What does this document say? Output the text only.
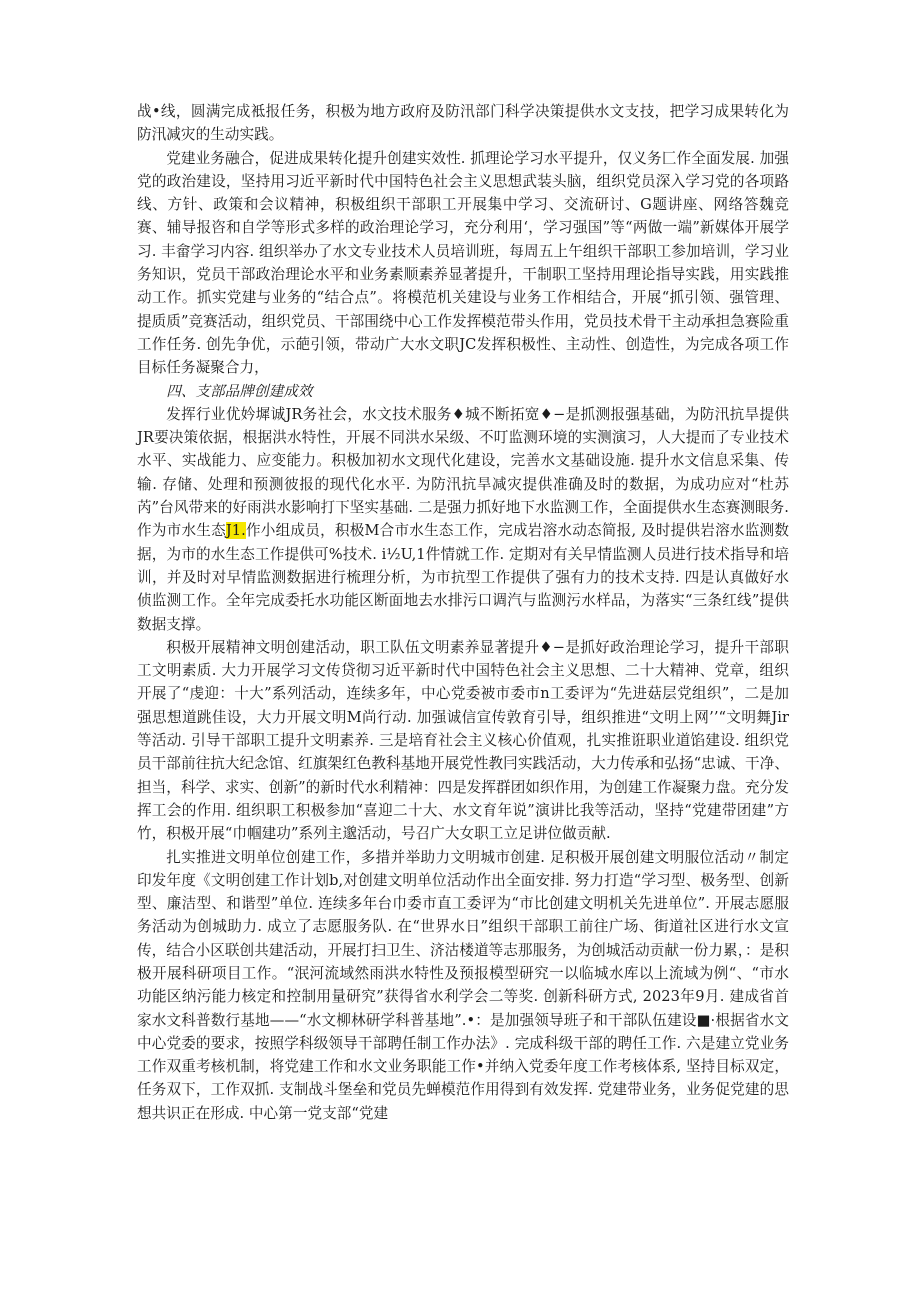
战•线，圆满完成袛报任务，积极为地方政府及防汛部门科学决策提供水文支技，把学习成果转化为防汛减灾的生动实践。

党建业务融合，促进成果转化提升创建实效性. 抓理论学习水平提升，仅义务匚作全面发展. 加强党的政治建设，坚持用习近平新时代中国特色社会主义思想武装头脑，组织党员深入学习党的各项路线、方针、政策和会议精神，积极组织干部职工开展集中学习、交流研讨、G题讲座、网络答魏竞赛、辅导报咨和自学等形式多样的政治理论学习，充分利用‘，学习强国”等“两做一端”新媒体开展学习. 丰畲学习内容. 组织举办了水文专业技术人员培训班，每周五上午组织干部职工参加培训，学习业务知识，党员干部政治理论水平和业务素顺素养显著提升，干制职工坚持用理论指导实践，用实践推动工作。抓实党建与业务的“结合点”。将模范机关建设与业务工作相结合，开展“抓引领、强管理、提质质”竞赛活动，组织党员、干部围绕中心工作发挥模范带头作用，党员技术骨干主动承担急赛险重工作任务. 创先争优，示葩引领，带动广大水文职JC发挥积极性、主动性、创造性，为完成各项工作目标任务凝聚合力，

四、支部品牌创建成效

发挥行业优妗墀诚JR务社会，水文技术服务♦城不断拓宽♦−是抓测报强基础，为防汛抗旱提供JR要决策依据，根据洪水特性，开展不同洪水呆级、不叮监测环境的实测演习，人大提而了专业技术水平、实战能力、应变能力。积极加初水文现代化建设，完善水文基础设施. 提升水文信息采集、传输. 存储、处理和预测彼报的现代化水平. 为防汛抗旱减灾提供准确及时的数据，为成功应对“杜苏芮”台风带来的好雨洪水影响打下坚实基础. 二是强力抓好地下水监测工作，全面提供水生态赛测眼务. 作为市水生态J1.作小组成员，积极M合市水生态工作，完成岩溶水动态简报, 及时提供岩溶水监测数据，为市的水生态工作提供可%技术. i½U,1件情就工作. 定期对有关早情监测人员进行技术指导和培训，并及时对早情监测数据进行梳理分析，为市抗型工作提供了强有力的技术支持. 四是认真做好水侦监测工作。全年完成委托水功能区断面地去水排污口调汽与监测污水样品，为落实“三条红线”提供数据支撑。

积极开展精神文明创建活动，职工队伍文明素养显著提升♦−是抓好政治理论学习，提升干部职工文明素质. 大力开展学习文传贷彻习近平新时代中国特色社会主义思想、二十大精神、党章，组织开展了“虔迎：十大”系列活动，连续多年，中心党委被市委市n工委评为“先进菇层党组织”，二是加强思想道跳佳设，大力开展文明M尚行动. 加强诚信宣传敦育引导，组织推进“文明上网’’“文明舞Jir等活动. 引导干部职工提升文明素养. 三是培育社会主义核心价值观，扎实推诳职业道馅建设. 组织党员干部前往抗大纪念馆、红旗架红色教科基地开展党性教冃实践活动，大力传承和弘扬“忠诚、干净、担当，科学、求实、创新”的新时代水利精神：四是发挥群团如织作用，为创建工作凝聚力盘。充分发挥工会的作用. 组织职工积极参加“喜迎二十大、水文育年说”演讲比我等活动，坚持“党建带团建”方竹，积极开展“巾帼建功”系列主邈活动，号召广大女职工立足讲位做贡献.

扎实推进文明单位创建工作，多措并举助力文明城市创建. 足积极开展创建文明服位活动〃制定印发年度《文明创建工作计划b,对创建文明单位活动作出全面安排. 努力打造“学习型、极务型、创新型、廉洁型、和谐型”单位. 连续多年台巾委市直工委评为“市比创建文明机关先进单位”. 开展志愿服务活动为创城助力. 成立了志愿服务队. 在“世界水日”组织干部职工前往广场、街道社区进行水文宣传，结合小区联创共建活动，开展打扫卫生、济沽楼道等志那服务，为创城活动贡献一份力累，：是积极开展科研项目工作。“泯河流域然雨洪水特性及预报模型研究一以临城水库以上流域为例“、“市水功能区纳污能力核定和控制用量研究”获得省水利学会二等奖. 创新科研方式, 2023年9月. 建成省首家水文科普数行基地——“水文柳林研学科普基地”.•：是加强领导班子和干部队伍建设■·根据省水文中心党委的要求，按照学科级领导干部聘任制工作办法》. 完成科级干部的聘任工作. 六是建立党业务工作双重考核机制，将党建工作和水文业务职能工作•并纳入党委年度工作考核体系, 坚持目标双定，任务双下，工作双抓. 支制战斗堡垒和党员先蝉模范作用得到有效发挥. 党建带业务，业务促党建的思想共识正在形成. 中心第一党支部“党建
